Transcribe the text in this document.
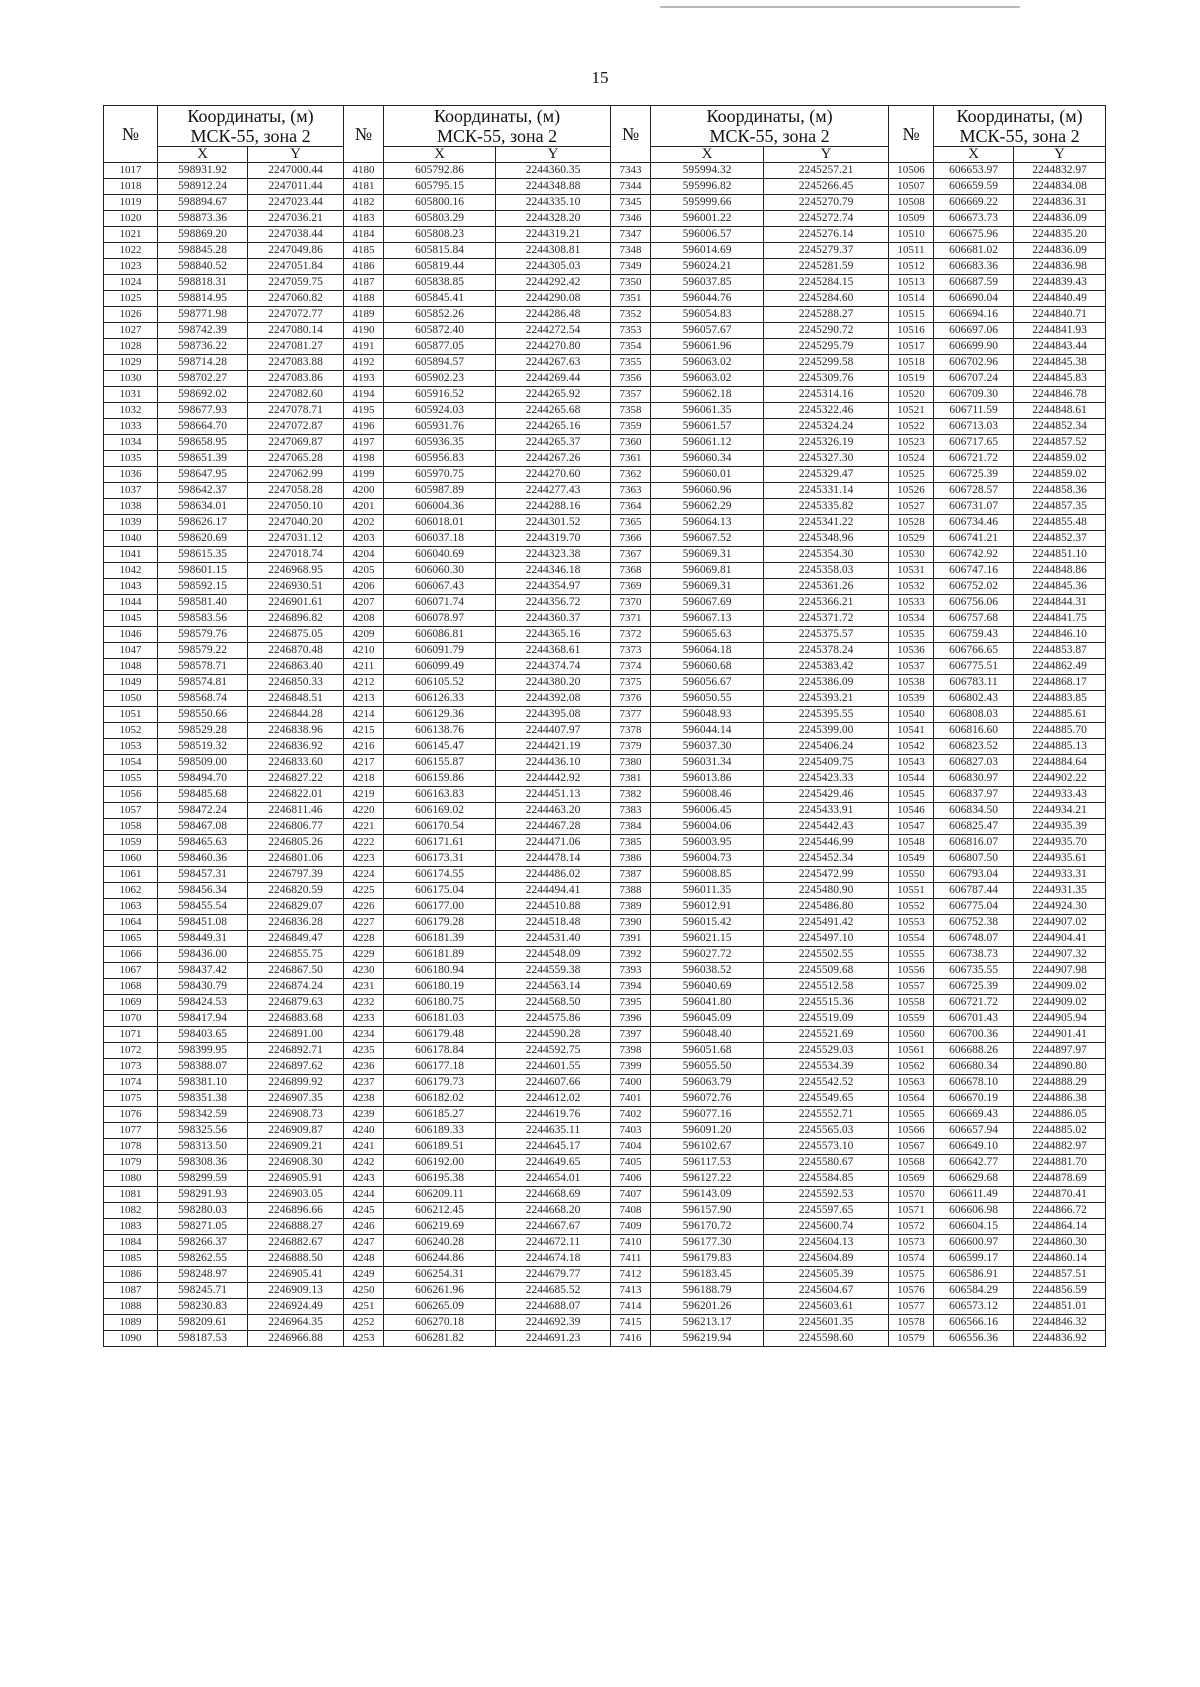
15
№	Координаты, (м)		№	Координаты, (м)		№	Координаты, (м)		№	Координаты, (м)	
	МСК-55, зона 2			МСК-55, зона 2			МСК-55, зона 2			МСК-55, зона 2	
	X	Y		X	Y		X	Y		X	Y
1017	598931.92	2247000.44	4180	605792.86	2244360.35	7343	595994.32	2245257.21	10506	606653.97	2244832.97
1018	598912.24	2247011.44	4181	605795.15	2244348.88	7344	595996.82	2245266.45	10507	606659.59	2244834.08
1019	598894.67	2247023.44	4182	605800.16	2244335.10	7345	595999.66	2245270.79	10508	606669.22	2244836.31
1020	598873.36	2247036.21	4183	605803.29	2244328.20	7346	596001.22	2245272.74	10509	606673.73	2244836.09
1021	598869.20	2247038.44	4184	605808.23	2244319.21	7347	596006.57	2245276.14	10510	606675.96	2244835.20
1022	598845.28	2247049.86	4185	605815.84	2244308.81	7348	596014.69	2245279.37	10511	606681.02	2244836.09
1023	598840.52	2247051.84	4186	605819.44	2244305.03	7349	596024.21	2245281.59	10512	606683.36	2244836.98
1024	598818.31	2247059.75	4187	605838.85	2244292.42	7350	596037.85	2245284.15	10513	606687.59	2244839.43
1025	598814.95	2247060.82	4188	605845.41	2244290.08	7351	596044.76	2245284.60	10514	606690.04	2244840.49
1026	598771.98	2247072.77	4189	605852.26	2244286.48	7352	596054.83	2245288.27	10515	606694.16	2244840.71
1027	598742.39	2247080.14	4190	605872.40	2244272.54	7353	596057.67	2245290.72	10516	606697.06	2244841.93
1028	598736.22	2247081.27	4191	605877.05	2244270.80	7354	596061.96	2245295.79	10517	606699.90	2244843.44
1029	598714.28	2247083.88	4192	605894.57	2244267.63	7355	596063.02	2245299.58	10518	606702.96	2244845.38
1030	598702.27	2247083.86	4193	605902.23	2244269.44	7356	596063.02	2245309.76	10519	606707.24	2244845.83
1031	598692.02	2247082.60	4194	605916.52	2244265.92	7357	596062.18	2245314.16	10520	606709.30	2244846.78
1032	598677.93	2247078.71	4195	605924.03	2244265.68	7358	596061.35	2245322.46	10521	606711.59	2244848.61
1033	598664.70	2247072.87	4196	605931.76	2244265.16	7359	596061.57	2245324.24	10522	606713.03	2244852.34
1034	598658.95	2247069.87	4197	605936.35	2244265.37	7360	596061.12	2245326.19	10523	606717.65	2244857.52
1035	598651.39	2247065.28	4198	605956.83	2244267.26	7361	596060.34	2245327.30	10524	606721.72	2244859.02
1036	598647.95	2247062.99	4199	605970.75	2244270.60	7362	596060.01	2245329.47	10525	606725.39	2244859.02
1037	598642.37	2247058.28	4200	605987.89	2244277.43	7363	596060.96	2245331.14	10526	606728.57	2244858.36
1038	598634.01	2247050.10	4201	606004.36	2244288.16	7364	596062.29	2245335.82	10527	606731.07	2244857.35
1039	598626.17	2247040.20	4202	606018.01	2244301.52	7365	596064.13	2245341.22	10528	606734.46	2244855.48
1040	598620.69	2247031.12	4203	606037.18	2244319.70	7366	596067.52	2245348.96	10529	606741.21	2244852.37
1041	598615.35	2247018.74	4204	606040.69	2244323.38	7367	596069.31	2245354.30	10530	606742.92	2244851.10
1042	598601.15	2246968.95	4205	606060.30	2244346.18	7368	596069.81	2245358.03	10531	606747.16	2244848.86
1043	598592.15	2246930.51	4206	606067.43	2244354.97	7369	596069.31	2245361.26	10532	606752.02	2244845.36
1044	598581.40	2246901.61	4207	606071.74	2244356.72	7370	596067.69	2245366.21	10533	606756.06	2244844.31
1045	598583.56	2246896.82	4208	606078.97	2244360.37	7371	596067.13	2245371.72	10534	606757.68	2244841.75
1046	598579.76	2246875.05	4209	606086.81	2244365.16	7372	596065.63	2245375.57	10535	606759.43	2244846.10
1047	598579.22	2246870.48	4210	606091.79	2244368.61	7373	596064.18	2245378.24	10536	606766.65	2244853.87
1048	598578.71	2246863.40	4211	606099.49	2244374.74	7374	596060.68	2245383.42	10537	606775.51	2244862.49
1049	598574.81	2246850.33	4212	606105.52	2244380.20	7375	596056.67	2245386.09	10538	606783.11	2244868.17
1050	598568.74	2246848.51	4213	606126.33	2244392.08	7376	596050.55	2245393.21	10539	606802.43	2244883.85
1051	598550.66	2246844.28	4214	606129.36	2244395.08	7377	596048.93	2245395.55	10540	606808.03	2244885.61
1052	598529.28	2246838.96	4215	606138.76	2244407.97	7378	596044.14	2245399.00	10541	606816.60	2244885.70
1053	598519.32	2246836.92	4216	606145.47	2244421.19	7379	596037.30	2245406.24	10542	606823.52	2244885.13
1054	598509.00	2246833.60	4217	606155.87	2244436.10	7380	596031.34	2245409.75	10543	606827.03	2244884.64
1055	598494.70	2246827.22	4218	606159.86	2244442.92	7381	596013.86	2245423.33	10544	606830.97	2244902.22
1056	598485.68	2246822.01	4219	606163.83	2244451.13	7382	596008.46	2245429.46	10545	606837.97	2244933.43
1057	598472.24	2246811.46	4220	606169.02	2244463.20	7383	596006.45	2245433.91	10546	606834.50	2244934.21
1058	598467.08	2246806.77	4221	606170.54	2244467.28	7384	596004.06	2245442.43	10547	606825.47	2244935.39
1059	598465.63	2246805.26	4222	606171.61	2244471.06	7385	596003.95	2245446.99	10548	606816.07	2244935.70
1060	598460.36	2246801.06	4223	606173.31	2244478.14	7386	596004.73	2245452.34	10549	606807.50	2244935.61
1061	598457.31	2246797.39	4224	606174.55	2244486.02	7387	596008.85	2245472.99	10550	606793.04	2244933.31
1062	598456.34	2246820.59	4225	606175.04	2244494.41	7388	596011.35	2245480.90	10551	606787.44	2244931.35
1063	598455.54	2246829.07	4226	606177.00	2244510.88	7389	596012.91	2245486.80	10552	606775.04	2244924.30
1064	598451.08	2246836.28	4227	606179.28	2244518.48	7390	596015.42	2245491.42	10553	606752.38	2244907.02
1065	598449.31	2246849.47	4228	606181.39	2244531.40	7391	596021.15	2245497.10	10554	606748.07	2244904.41
1066	598436.00	2246855.75	4229	606181.89	2244548.09	7392	596027.72	2245502.55	10555	606738.73	2244907.32
1067	598437.42	2246867.50	4230	606180.94	2244559.38	7393	596038.52	2245509.68	10556	606735.55	2244907.98
1068	598430.79	2246874.24	4231	606180.19	2244563.14	7394	596040.69	2245512.58	10557	606725.39	2244909.02
1069	598424.53	2246879.63	4232	606180.75	2244568.50	7395	596041.80	2245515.36	10558	606721.72	2244909.02
1070	598417.94	2246883.68	4233	606181.03	2244575.86	7396	596045.09	2245519.09	10559	606701.43	2244905.94
1071	598403.65	2246891.00	4234	606179.48	2244590.28	7397	596048.40	2245521.69	10560	606700.36	2244901.41
1072	598399.95	2246892.71	4235	606178.84	2244592.75	7398	596051.68	2245529.03	10561	606688.26	2244897.97
1073	598388.07	2246897.62	4236	606177.18	2244601.55	7399	596055.50	2245534.39	10562	606680.34	2244890.80
1074	598381.10	2246899.92	4237	606179.73	2244607.66	7400	596063.79	2245542.52	10563	606678.10	2244888.29
1075	598351.38	2246907.35	4238	606182.02	2244612.02	7401	596072.76	2245549.65	10564	606670.19	2244886.38
1076	598342.59	2246908.73	4239	606185.27	2244619.76	7402	596077.16	2245552.71	10565	606669.43	2244886.05
1077	598325.56	2246909.87	4240	606189.33	2244635.11	7403	596091.20	2245565.03	10566	606657.94	2244885.02
1078	598313.50	2246909.21	4241	606189.51	2244645.17	7404	596102.67	2245573.10	10567	606649.10	2244882.97
1079	598308.36	2246908.30	4242	606192.00	2244649.65	7405	596117.53	2245580.67	10568	606642.77	2244881.70
1080	598299.59	2246905.91	4243	606195.38	2244654.01	7406	596127.22	2245584.85	10569	606629.68	2244878.69
1081	598291.93	2246903.05	4244	606209.11	2244668.69	7407	596143.09	2245592.53	10570	606611.49	2244870.41
1082	598280.03	2246896.66	4245	606212.45	2244668.20	7408	596157.90	2245597.65	10571	606606.98	2244866.72
1083	598271.05	2246888.27	4246	606219.69	2244667.67	7409	596170.72	2245600.74	10572	606604.15	2244864.14
1084	598266.37	2246882.67	4247	606240.28	2244672.11	7410	596177.30	2245604.13	10573	606600.97	2244860.30
1085	598262.55	2246888.50	4248	606244.86	2244674.18	7411	596179.83	2245604.89	10574	606599.17	2244860.14
1086	598248.97	2246905.41	4249	606254.31	2244679.77	7412	596183.45	2245605.39	10575	606586.91	2244857.51
1087	598245.71	2246909.13	4250	606261.96	2244685.52	7413	596188.79	2245604.67	10576	606584.29	2244856.59
1088	598230.83	2246924.49	4251	606265.09	2244688.07	7414	596201.26	2245603.61	10577	606573.12	2244851.01
1089	598209.61	2246964.35	4252	606270.18	2244692.39	7415	596213.17	2245601.35	10578	606566.16	2244846.32
1090	598187.53	2246966.88	4253	606281.82	2244691.23	7416	596219.94	2245598.60	10579	606556.36	2244836.92
